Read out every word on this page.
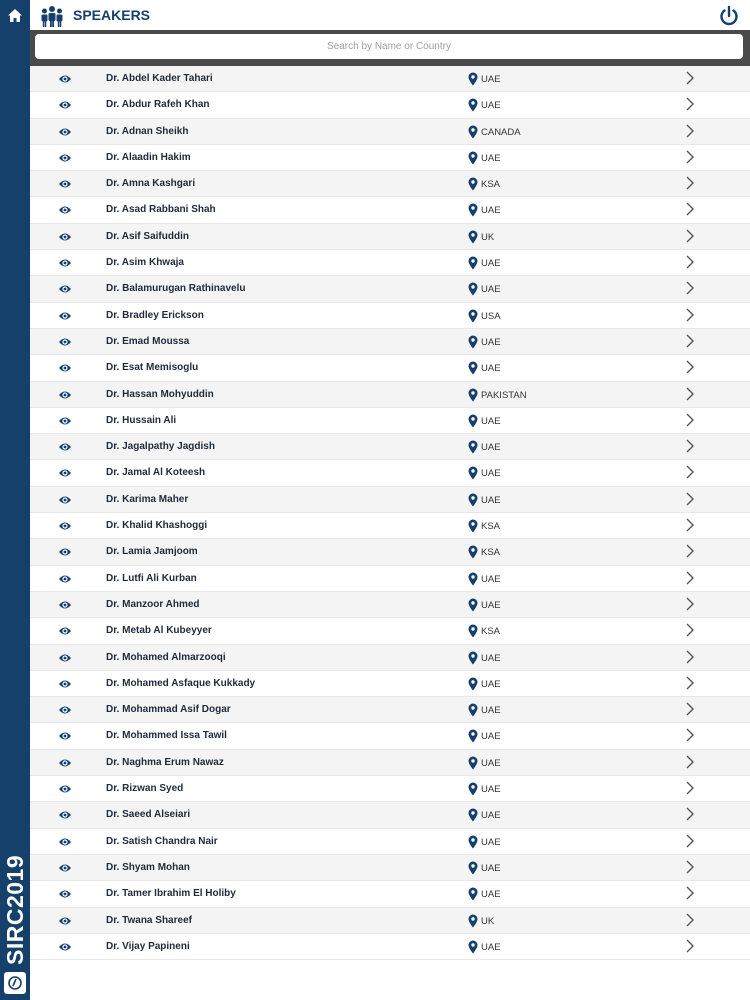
SIRC2019
SPEAKERS
Search by Name or Country
Dr. Abdel Kader Tahari	UAE
Dr. Abdur Rafeh Khan	UAE
Dr. Adnan Sheikh	CANADA
Dr. Alaadin Hakim	UAE
Dr. Amna Kashgari	KSA
Dr. Asad Rabbani Shah	UAE
Dr. Asif Saifuddin	UK
Dr. Asim Khwaja	UAE
Dr. Balamurugan Rathinavelu	UAE
Dr. Bradley Erickson	USA
Dr. Emad Moussa	UAE
Dr. Esat Memisoglu	UAE
Dr. Hassan Mohyuddin	PAKISTAN
Dr. Hussain Ali	UAE
Dr. Jagalpathy Jagdish	UAE
Dr. Jamal Al Koteesh	UAE
Dr. Karima Maher	UAE
Dr. Khalid Khashoggi	KSA
Dr. Lamia Jamjoom	KSA
Dr. Lutfi Ali Kurban	UAE
Dr. Manzoor Ahmed	UAE
Dr. Metab Al Kubeyyer	KSA
Dr. Mohamed Almarzooqi	UAE
Dr. Mohamed Asfaque Kukkady	UAE
Dr. Mohammad Asif Dogar	UAE
Dr. Mohammed Issa Tawil	UAE
Dr. Naghma Erum Nawaz	UAE
Dr. Rizwan Syed	UAE
Dr. Saeed Alseiari	UAE
Dr. Satish Chandra Nair	UAE
Dr. Shyam Mohan	UAE
Dr. Tamer Ibrahim El Holiby	UAE
Dr. Twana Shareef	UK
Dr. Vijay Papineni	UAE
